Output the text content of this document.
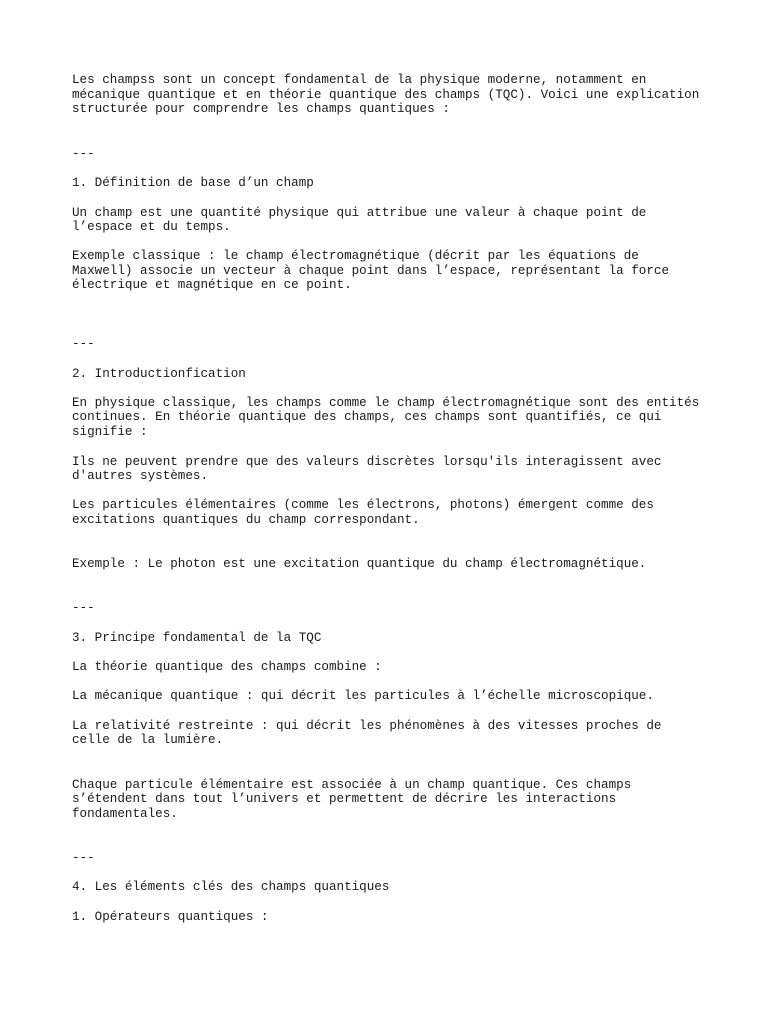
Les champss sont un concept fondamental de la physique moderne, notamment en

mécanique quantique et en théorie quantique des champs (TQC). Voici une explication

structurée pour comprendre les champs quantiques :

---

1. Définition de base d’un champ

Un champ est une quantité physique qui attribue une valeur à chaque point de

l’espace et du temps.

Exemple classique : le champ électromagnétique (décrit par les équations de

Maxwell) associe un vecteur à chaque point dans l’espace, représentant la force

électrique et magnétique en ce point.

---

2. Introductionfication

En physique classique, les champs comme le champ électromagnétique sont des entités

continues. En théorie quantique des champs, ces champs sont quantifiés, ce qui

signifie :

Ils ne peuvent prendre que des valeurs discrètes lorsqu'ils interagissent avec

d'autres systèmes.

Les particules élémentaires (comme les électrons, photons) émergent comme des

excitations quantiques du champ correspondant.

Exemple : Le photon est une excitation quantique du champ électromagnétique.

---

3. Principe fondamental de la TQC

La théorie quantique des champs combine :

La mécanique quantique : qui décrit les particules à l’échelle microscopique.

La relativité restreinte : qui décrit les phénomènes à des vitesses proches de

celle de la lumière.

Chaque particule élémentaire est associée à un champ quantique. Ces champs

s’étendent dans tout l’univers et permettent de décrire les interactions

fondamentales.

---

4. Les éléments clés des champs quantiques

1. Opérateurs quantiques :
